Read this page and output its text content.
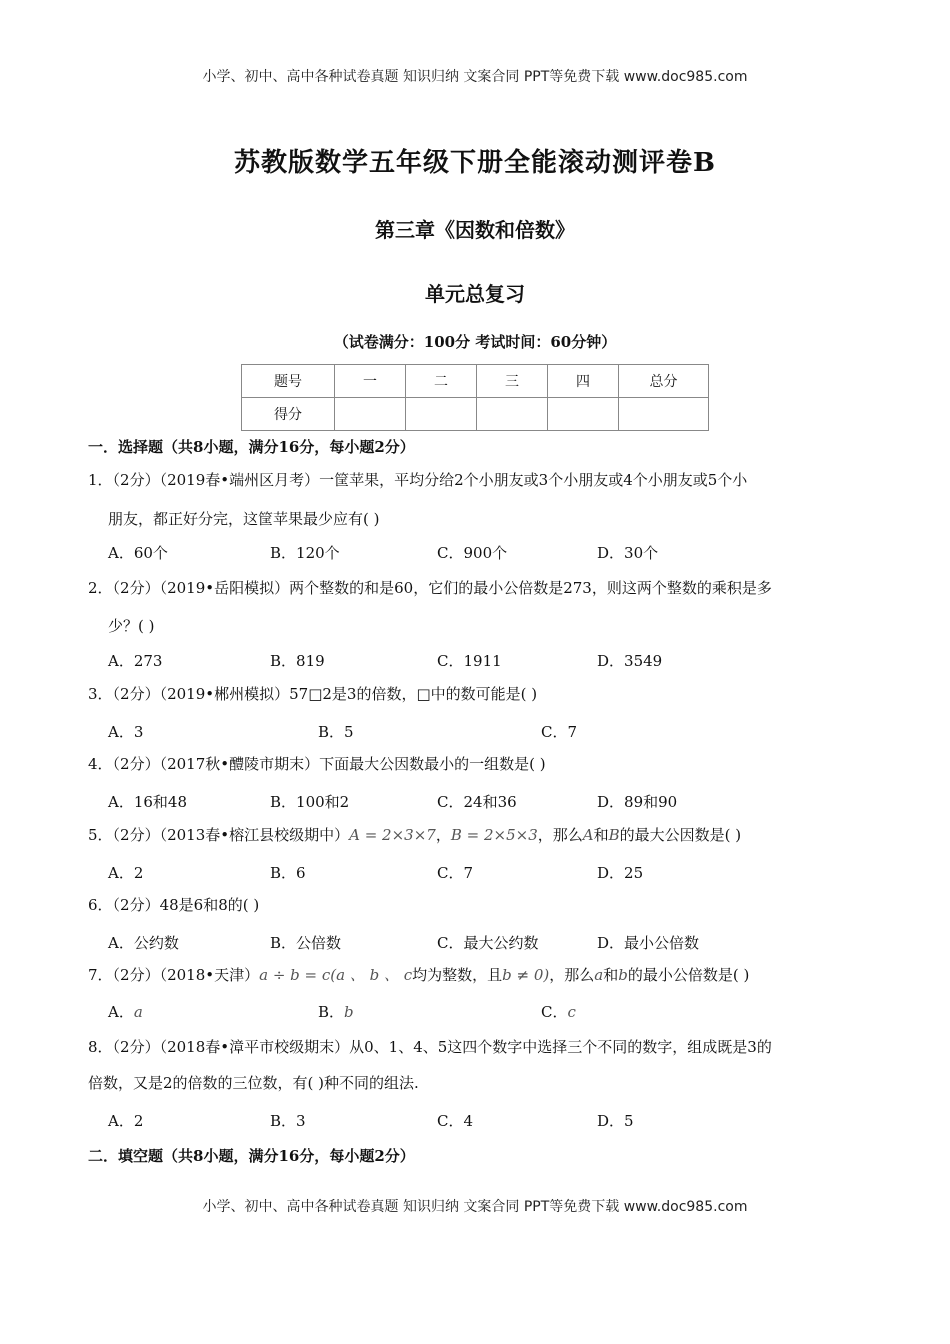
小学、初中、高中各种试卷真题 知识归纳 文案合同 PPT等免费下载 www.doc985.com
苏教版数学五年级下册全能滚动测评卷B
第三章《因数和倍数》
单元总复习
（试卷满分：100分 考试时间：60分钟）
题号	一	二	三	四	总分
得分					
一．选择题（共8小题，满分16分，每小题2分）
1．（2分）（2019春•端州区月考）一筐苹果，平均分给2个小朋友或3个小朋友或4个小朋友或5个小
朋友，都正好分完，这筐苹果最少应有( )
A．60个	B．120个	C．900个	D．30个
2．（2分）（2019•岳阳模拟）两个整数的和是60，它们的最小公倍数是273，则这两个整数的乘积是多
少？( )
A．273	B．819	C．1911	D．3549
3．（2分）（2019•郴州模拟）57□2是3的倍数，□中的数可能是( )
A．3	B．5	C．7
4．（2分）（2017秋•醴陵市期末）下面最大公因数最小的一组数是( )
A．16和48	B．100和2	C．24和36	D．89和90
5．（2分）（2013春•榕江县校级期中）A = 2×3×7，B = 2×5×3，那么A和B的最大公因数是( )
A．2	B．6	C．7	D．25
6．（2分）48是6和8的( )
A．公约数	B．公倍数	C．最大公约数	D．最小公倍数
7．（2分）（2018•天津）a ÷ b = c(a 、 b 、 c均为整数，且b ≠ 0)，那么a和b的最小公倍数是( )
A．a	B．b	C．c
8．（2分）（2018春•漳平市校级期末）从0、1、4、5这四个数字中选择三个不同的数字，组成既是3的
倍数，又是2的倍数的三位数，有( )种不同的组法.
A．2	B．3	C．4	D．5
二．填空题（共8小题，满分16分，每小题2分）
小学、初中、高中各种试卷真题 知识归纳 文案合同 PPT等免费下载 www.doc985.com
